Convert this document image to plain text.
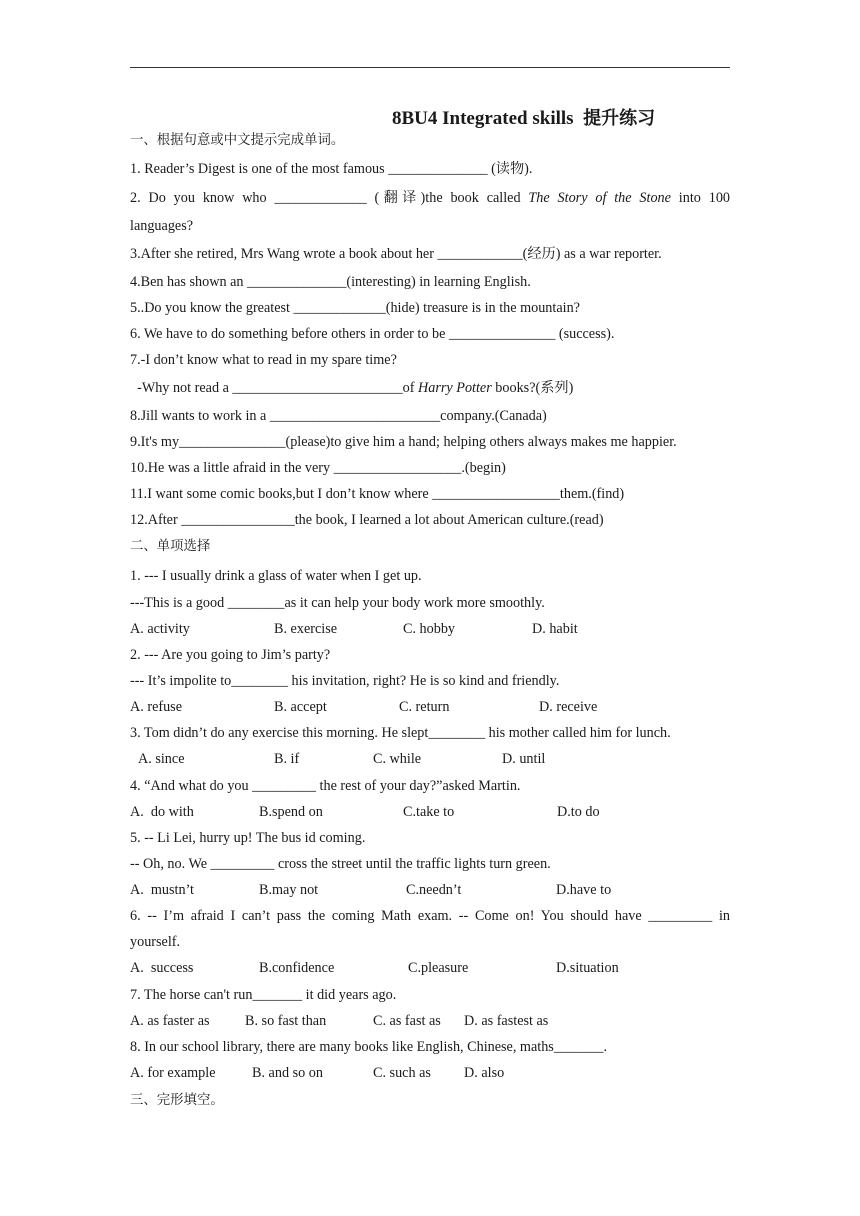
8BU4 Integrated skills 提升练习
一、根据句意或中文提示完成单词。
1. Reader’s Digest is one of the most famous ______________ (读物).
2. Do you know who _____________ (翻译)the book called The Story of the Stone into 100
languages?
3.After she retired, Mrs Wang wrote a book about her ____________(经历) as a war reporter.
4.Ben has shown an ______________(interesting) in learning English.
5..Do you know the greatest _____________(hide) treasure is in the mountain?
6. We have to do something before others in order to be _______________ (success).
7.-I don’t know what to read in my spare time?
-Why not read a ________________________of Harry Potter books?(系列)
8.Jill wants to work in a ________________________company.(Canada)
9.It's my_______________(please)to give him a hand; helping others always makes me happier.
10.He was a little afraid in the very __________________.(begin)
11.I want some comic books,but I don’t know where __________________them.(find)
12.After ________________the book, I learned a lot about American culture.(read)
二、单项选择
1. --- I usually drink a glass of water when I get up.
---This is a good ________as it can help your body work more smoothly.
A. activity	B. exercise	C. hobby	D. habit
2. --- Are you going to Jim’s party?
--- It’s impolite to________ his invitation, right? He is so kind and friendly.
A. refuse	B. accept	C. return	D. receive
3. Tom didn’t do any exercise this morning. He slept________ his mother called him for lunch.
A. since	B. if	C. while	D. until
4. “And what do you _________ the rest of your day?”asked Martin.
A.  do with	B.spend on	C.take to	D.to do
5. -- Li Lei, hurry up! The bus id coming.
-- Oh, no. We _________ cross the street until the traffic lights turn green.
A.  mustn’t	B.may not	C.needn’t	D.have to
6. -- I’m afraid I can’t pass the coming Math exam. -- Come on! You should have _________ in
yourself.
A.  success	B.confidence	C.pleasure	D.situation
7. The horse can't run_______ it did years ago.
A. as faster as B. so fast than	C. as fast as D. as fastest as
8. In our school library, there are many books like English, Chinese, maths_______.
A. for example	B. and so on	C. such as D. also
三、完形填空。
